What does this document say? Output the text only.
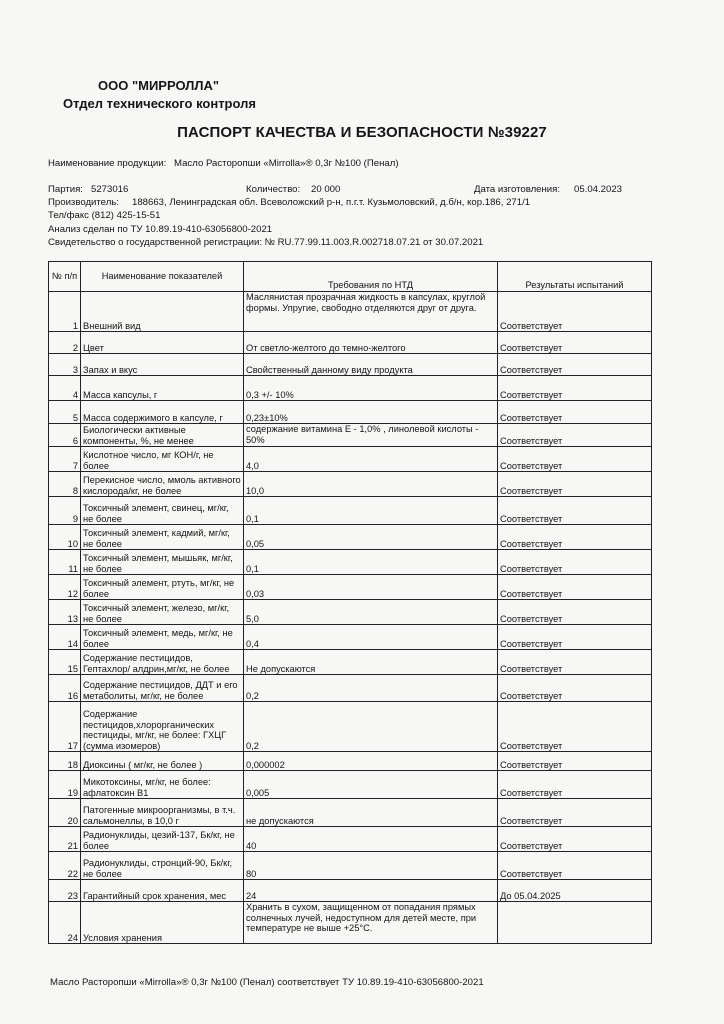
ООО "МИРРОЛЛА"
Отдел технического контроля
ПАСПОРТ КАЧЕСТВА И БЕЗОПАСНОСТИ №39227
Наименование продукции: Масло Расторопши «Mirrolla»® 0,3г №100 (Пенал)
Партия: 5273016	Количество: 20 000	Дата изготовления: 05.04.2023
Производитель: 188663, Ленинградская обл. Всеволожский р-н, п.г.т. Кузьмоловский, д.б/н, кор.186, 271/1
Тел/факс (812) 425-15-51
Анализ сделан по ТУ 10.89.19-410-63056800-2021
Свидетельство о государственной регистрации: № RU.77.99.11.003.R.002718.07.21 от 30.07.2021
№ п/п	Наименование показателей	Требования по НТД	Результаты испытаний
1	Внешний вид	Масляниcтая прозрачная жидкость в капсулах, круглой формы. Упругие, свободно отделяются друг от друга.	Соответствует
2	Цвет	От светло-желтого до темно-желтого	Соответствует
3	Запах и вкус	Свойственный данному виду продукта	Соответствует
4	Масса капсулы, г	0,3 +/- 10%	Соответствует
5	Масса содержимого в капсуле, г	0,23±10%	Соответствует
6	Биологически активные компоненты, %, не менее	содержание витамина Е - 1,0% , линолевой кислоты - 50%	Соответствует
7	Кислотное число, мг КОН/г, не более	4,0	Соответствует
8	Перекисное число, ммоль активного кислорода/кг, не более	10,0	Соответствует
9	Токсичный элемент, свинец, мг/кг, не более	0,1	Соответствует
10	Токсичный элемент, кадмий, мг/кг, не более	0,05	Соответствует
11	Токсичный элемент, мышьяк, мг/кг, не более	0,1	Соответствует
12	Токсичный элемент, ртуть, мг/кг, не более	0,03	Соответствует
13	Токсичный элемент, железо, мг/кг, не более	5,0	Соответствует
14	Токсичный элемент, медь, мг/кг, не более	0,4	Соответствует
15	Содержание пестицидов, Гептахлор/ алдрин,мг/кг, не более	Не допускаются	Соответствует
16	Содержание пестицидов, ДДТ и его метаболиты, мг/кг, не более	0,2	Соответствует
17	Содержание пестицидов,хлорорганических пестициды, мг/кг, не более: ГХЦГ (сумма изомеров)	0,2	Соответствует
18	Диоксины ( мг/кг, не более )	0,000002	Соответствует
19	Микотоксины, мг/кг, не более: афлатоксин В1	0,005	Соответствует
20	Патогенные микроорганизмы, в т.ч. сальмонеллы, в 10,0 г	не допускаются	Соответствует
21	Радионуклиды, цезий-137, Бк/кг, не более	40	Соответствует
22	Радионуклиды, стронций-90, Бк/кг, не более	80	Соответствует
23	Гарантийный срок хранения, мес	24	До 05.04.2025
24	Условия хранения	Хранить в сухом, защищенном от попадания прямых солнечных лучей, недоступном для детей месте, при температуре не выше +25°С.	
Масло Расторопши «Mirrolla»® 0,3г №100 (Пенал) соответствует ТУ 10.89.19-410-63056800-2021
